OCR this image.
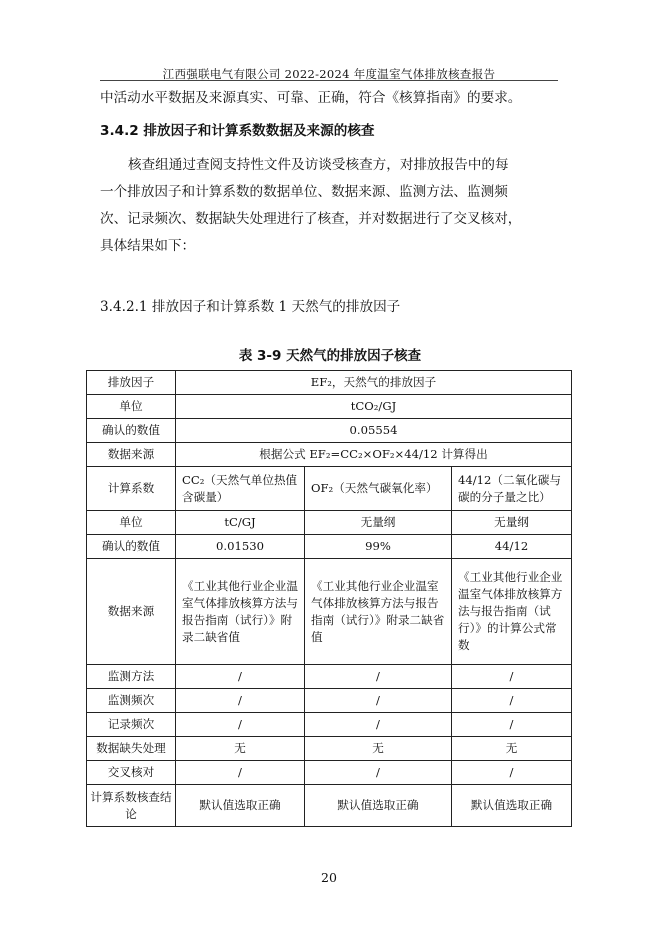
江西强联电气有限公司 2022-2024 年度温室气体排放核查报告
中活动水平数据及来源真实、可靠、正确，符合《核算指南》的要求。
3.4.2 排放因子和计算系数数据及来源的核查
核查组通过查阅支持性文件及访谈受核查方，对排放报告中的每
一个排放因子和计算系数的数据单位、数据来源、监测方法、监测频
次、记录频次、数据缺失处理进行了核查，并对数据进行了交叉核对，
具体结果如下：
3.4.2.1 排放因子和计算系数 1 天然气的排放因子
表 3-9 天然气的排放因子核查
排放因子	EF₂，天然气的排放因子		
单位	tCO₂/GJ		
确认的数值	0.05554		
数据来源	根据公式 EF₂=CC₂×OF₂×44/12 计算得出		
计算系数	CC₂（天然气单位热值含碳量）	OF₂（天然气碳氧化率）	44/12（二氧化碳与碳的分子量之比）
单位	tC/GJ	无量纲	无量纲
确认的数值	0.01530	99%	44/12
数据来源	《工业其他行业企业温室气体排放核算方法与报告指南（试行）》附录二缺省值	《工业其他行业企业温室气体排放核算方法与报告指南（试行）》附录二缺省值	《工业其他行业企业温室气体排放核算方法与报告指南（试行）》的计算公式常数
监测方法	/	/	/
监测频次	/	/	/
记录频次	/	/	/
数据缺失处理	无	无	无
交叉核对	/	/	/
计算系数核查结论	默认值选取正确	默认值选取正确	默认值选取正确
20
